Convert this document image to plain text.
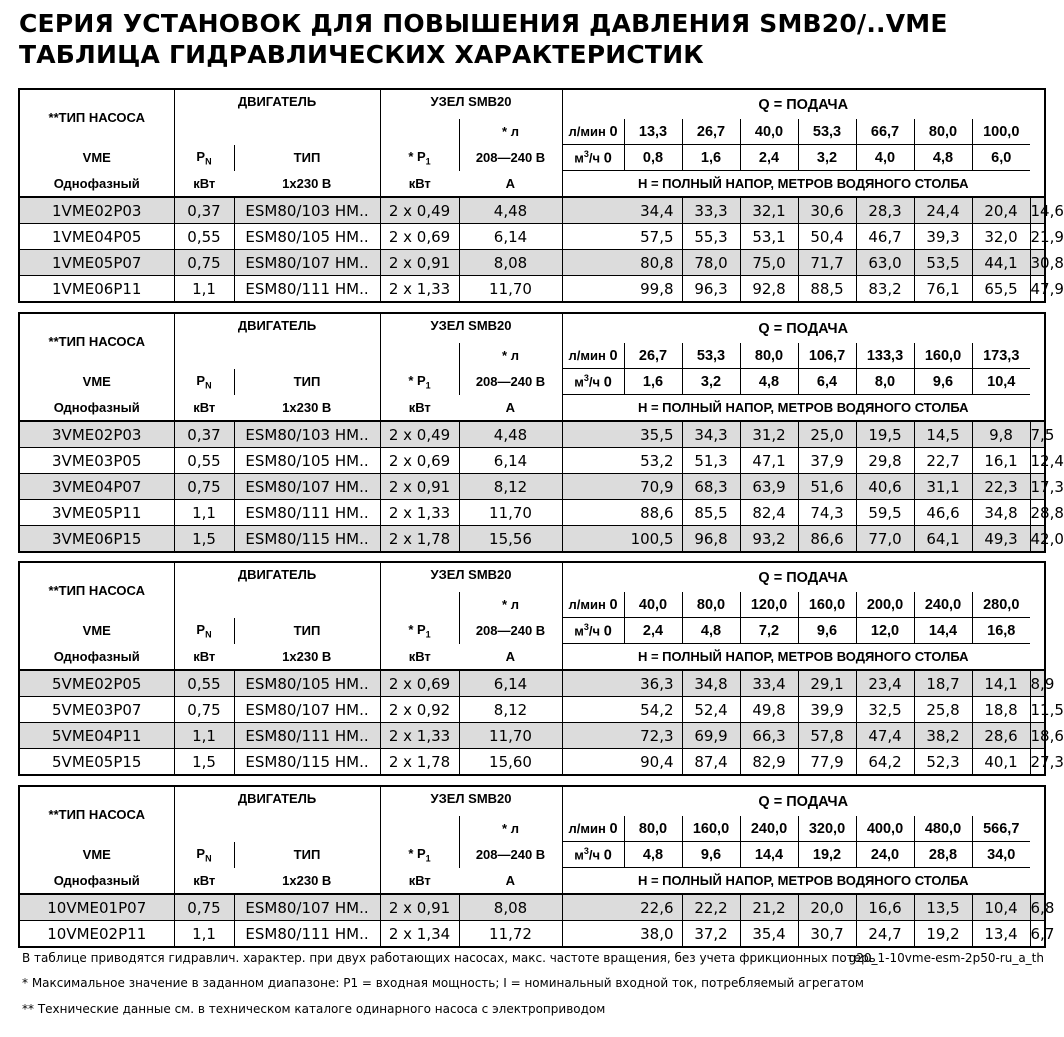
СЕРИЯ УСТАНОВОК ДЛЯ ПОВЫШЕНИЯ ДАВЛЕНИЯ SMB20/..VME
ТАБЛИЦА ГИДРАВЛИЧЕСКИХ ХАРАКТЕРИСТИК
**ТИП НАСОСА	ДВИГАТЕЛЬ		УЗЕЛ SMB20		Q = ПОДАЧА								
				* л	л/мин 0	13,3	26,7	40,0	53,3	66,7	80,0	100,0	
VME	$P_N$	ТИП	* $P_1$	208—240 В	$м^3/ч$ 0	0,8	1,6	2,4	3,2	4,0	4,8	6,0	
Однофазный	кВт	1x230 В	кВт	А	Н = ПОЛНЫЙ НАПОР, МЕТРОВ ВОДЯНОГО СТОЛБА								
1VME02P03	0,37	ESM80/103 HM..	2 x 0,49	4,48	34,4		33,3	32,1	30,6	28,3	24,4	20,4	14,6
1VME04P05	0,55	ESM80/105 HM..	2 x 0,69	6,14	57,5		55,3	53,1	50,4	46,7	39,3	32,0	21,9
1VME05P07	0,75	ESM80/107 HM..	2 x 0,91	8,08	80,8		78,0	75,0	71,7	63,0	53,5	44,1	30,8
1VME06P11	1,1	ESM80/111 HM..	2 x 1,33	11,70	99,8		96,3	92,8	88,5	83,2	76,1	65,5	47,9
**ТИП НАСОСА	ДВИГАТЕЛЬ		УЗЕЛ SMB20		Q = ПОДАЧА								
				* л	л/мин 0	26,7	53,3	80,0	106,7	133,3	160,0	173,3	
VME	$P_N$	ТИП	* $P_1$	208—240 В	$м^3/ч$ 0	1,6	3,2	4,8	6,4	8,0	9,6	10,4	
Однофазный	кВт	1x230 В	кВт	А	Н = ПОЛНЫЙ НАПОР, МЕТРОВ ВОДЯНОГО СТОЛБА								
3VME02P03	0,37	ESM80/103 HM..	2 x 0,49	4,48	35,5		34,3	31,2	25,0	19,5	14,5	9,8	7,5
3VME03P05	0,55	ESM80/105 HM..	2 x 0,69	6,14	53,2		51,3	47,1	37,9	29,8	22,7	16,1	12,4
3VME04P07	0,75	ESM80/107 HM..	2 x 0,91	8,12	70,9		68,3	63,9	51,6	40,6	31,1	22,3	17,3
3VME05P11	1,1	ESM80/111 HM..	2 x 1,33	11,70	88,6		85,5	82,4	74,3	59,5	46,6	34,8	28,8
3VME06P15	1,5	ESM80/115 HM..	2 x 1,78	15,56	100,5		96,8	93,2	86,6	77,0	64,1	49,3	42,0
**ТИП НАСОСА	ДВИГАТЕЛЬ		УЗЕЛ SMB20		Q = ПОДАЧА								
				* л	л/мин 0	40,0	80,0	120,0	160,0	200,0	240,0	280,0	
VME	$P_N$	ТИП	* $P_1$	208—240 В	$м^3/ч$ 0	2,4	4,8	7,2	9,6	12,0	14,4	16,8	
Однофазный	кВт	1x230 В	кВт	А	Н = ПОЛНЫЙ НАПОР, МЕТРОВ ВОДЯНОГО СТОЛБА								
5VME02P05	0,55	ESM80/105 HM..	2 x 0,69	6,14	36,3		34,8	33,4	29,1	23,4	18,7	14,1	8,9
5VME03P07	0,75	ESM80/107 HM..	2 x 0,92	8,12	54,2		52,4	49,8	39,9	32,5	25,8	18,8	11,5
5VME04P11	1,1	ESM80/111 HM..	2 x 1,33	11,70	72,3		69,9	66,3	57,8	47,4	38,2	28,6	18,6
5VME05P15	1,5	ESM80/115 HM..	2 x 1,78	15,60	90,4		87,4	82,9	77,9	64,2	52,3	40,1	27,3
**ТИП НАСОСА	ДВИГАТЕЛЬ		УЗЕЛ SMB20		Q = ПОДАЧА								
				* л	л/мин 0	80,0	160,0	240,0	320,0	400,0	480,0	566,7	
VME	$P_N$	ТИП	* $P_1$	208—240 В	$м^3/ч$ 0	4,8	9,6	14,4	19,2	24,0	28,8	34,0	
Однофазный	кВт	1x230 В	кВт	А	Н = ПОЛНЫЙ НАПОР, МЕТРОВ ВОДЯНОГО СТОЛБА								
10VME01P07	0,75	ESM80/107 HM..	2 x 0,91	8,08	22,6		22,2	21,2	20,0	16,6	13,5	10,4	6,8
10VME02P11	1,1	ESM80/111 HM..	2 x 1,34	11,72	38,0		37,2	35,4	30,7	24,7	19,2	13,4	6,7
В таблице приводятся гидравлич. характер. при двух работающих насосах, макс. частоте вращения, без учета фрикционных потерь
g20_1-10vme-esm-2p50-ru_a_th
* Максимальное значение в заданном диапазоне: P1 = входная мощность; I = номинальный входной ток, потребляемый агрегатом
** Технические данные см. в техническом каталоге одинарного насоса с электроприводом
